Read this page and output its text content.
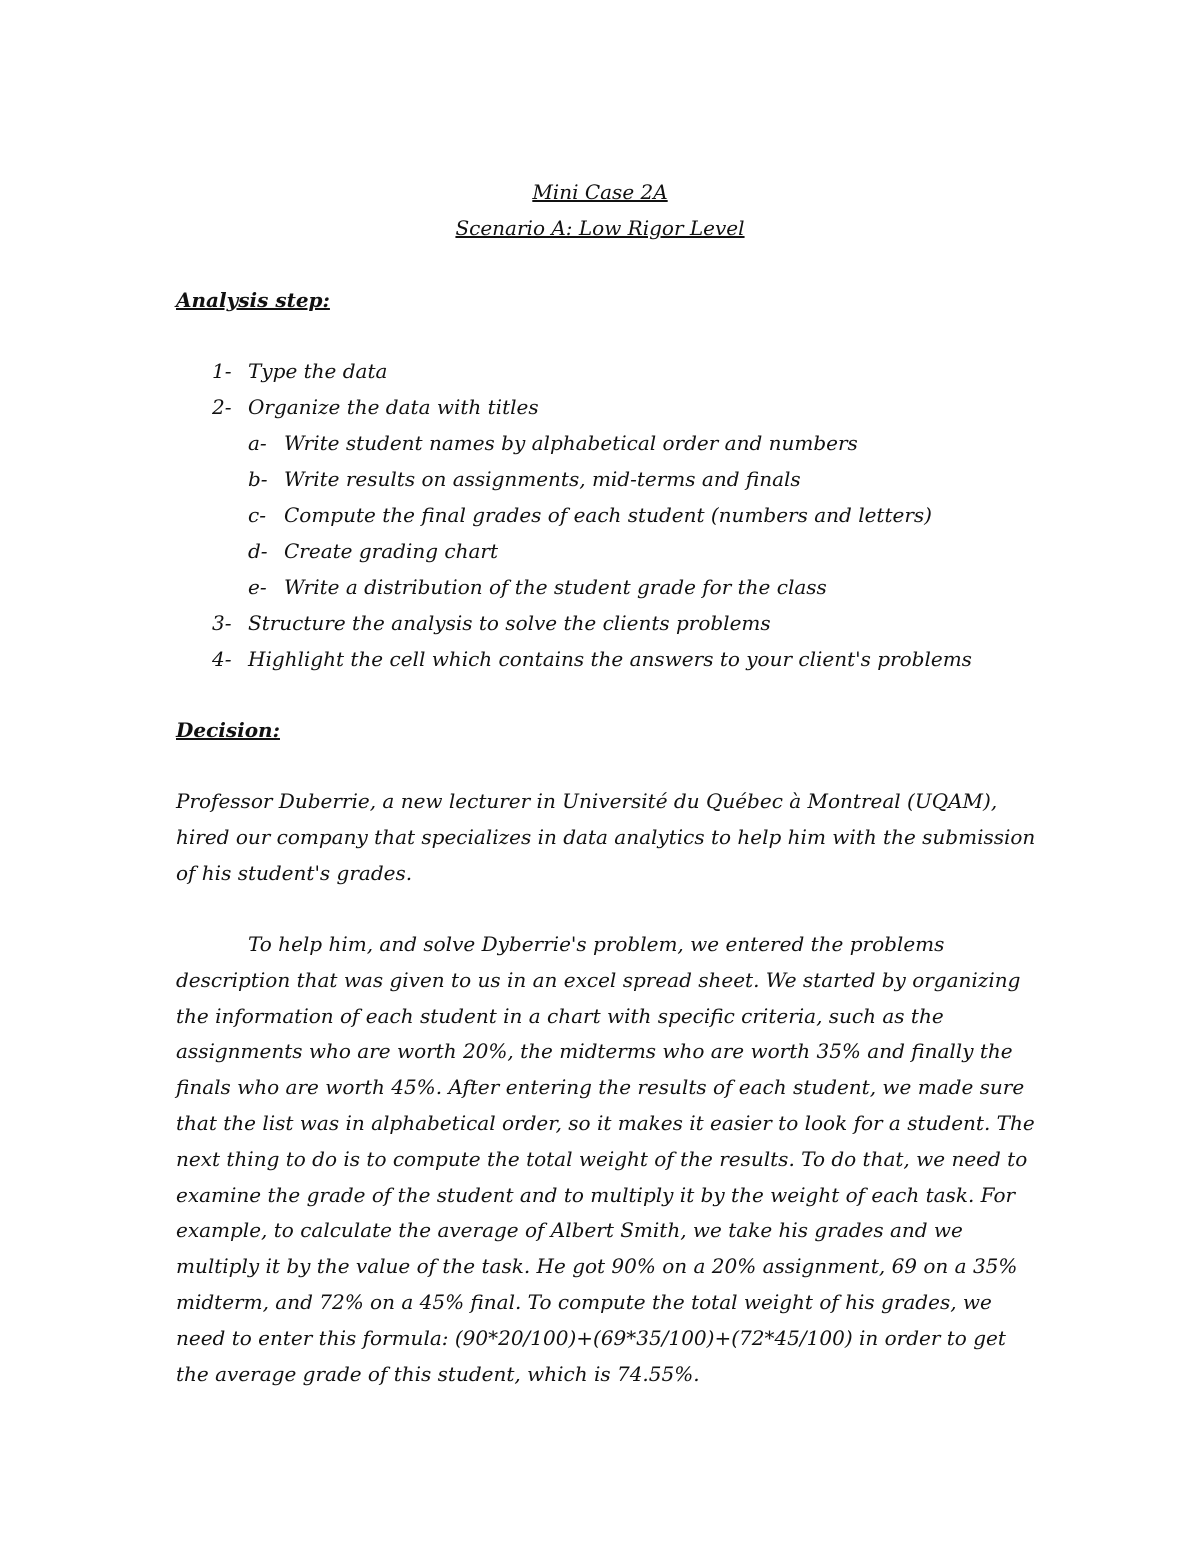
Mini Case 2A
Scenario A: Low Rigor Level
Analysis step:
1- Type the data
2- Organize the data with titles
a- Write student names by alphabetical order and numbers
b- Write results on assignments, mid-terms and finals
c- Compute the final grades of each student (numbers and letters)
d- Create grading chart
e- Write a distribution of the student grade for the class
3- Structure the analysis to solve the clients problems
4- Highlight the cell which contains the answers to your client's problems
Decision:
Professor Duberrie, a new lecturer in Université du Québec à Montreal (UQAM), hired our company that specializes in data analytics to help him with the submission of his student's grades.
To help him, and solve Dyberrie's problem, we entered the problems description that was given to us in an excel spread sheet. We started by organizing the information of each student in a chart with specific criteria, such as the assignments who are worth 20%, the midterms who are worth 35% and finally the finals who are worth 45%. After entering the results of each student, we made sure that the list was in alphabetical order, so it makes it easier to look for a student. The next thing to do is to compute the total weight of the results. To do that, we need to examine the grade of the student and to multiply it by the weight of each task. For example, to calculate the average of Albert Smith, we take his grades and we multiply it by the value of the task. He got 90% on a 20% assignment, 69 on a 35% midterm, and 72% on a 45% final. To compute the total weight of his grades, we need to enter this formula: (90*20/100)+(69*35/100)+(72*45/100) in order to get the average grade of this student, which is 74.55%.
